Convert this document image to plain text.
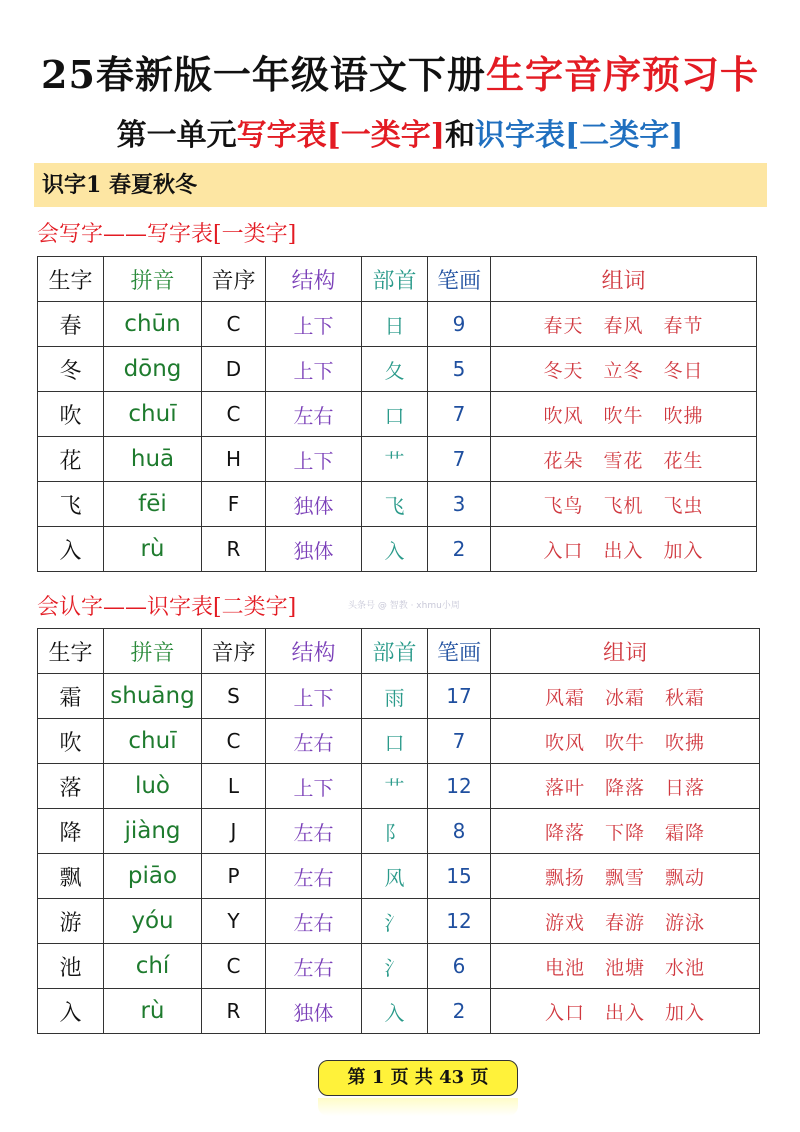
25春新版一年级语文下册生字音序预习卡
第一单元写字表[一类字]和识字表[二类字]
识字1 春夏秋冬
会写字——写字表[一类字]
生字	拼音	音序	结构	部首	笔画	组词
春	chūn	C	上下	日	9	春天 春风 春节
冬	dōng	D	上下	夂	5	冬天 立冬 冬日
吹	chuī	C	左右	口	7	吹风 吹牛 吹拂
花	huā	H	上下	艹	7	花朵 雪花 花生
飞	fēi	F	独体	飞	3	飞鸟 飞机 飞虫
入	rù	R	独体	入	2	入口 出入 加入
会认字——识字表[二类字]	头条号 @ 智教 · xhmu小周
生字	拼音	音序	结构	部首	笔画	组词
霜	shuāng	S	上下	雨	17	风霜 冰霜 秋霜
吹	chuī	C	左右	口	7	吹风 吹牛 吹拂
落	luò	L	上下	艹	12	落叶 降落 日落
降	jiàng	J	左右	阝	8	降落 下降 霜降
飘	piāo	P	左右	风	15	飘扬 飘雪 飘动
游	yóu	Y	左右	氵	12	游戏 春游 游泳
池	chí	C	左右	氵	6	电池 池塘 水池
入	rù	R	独体	入	2	入口 出入 加入
第 1 页 共 43 页
